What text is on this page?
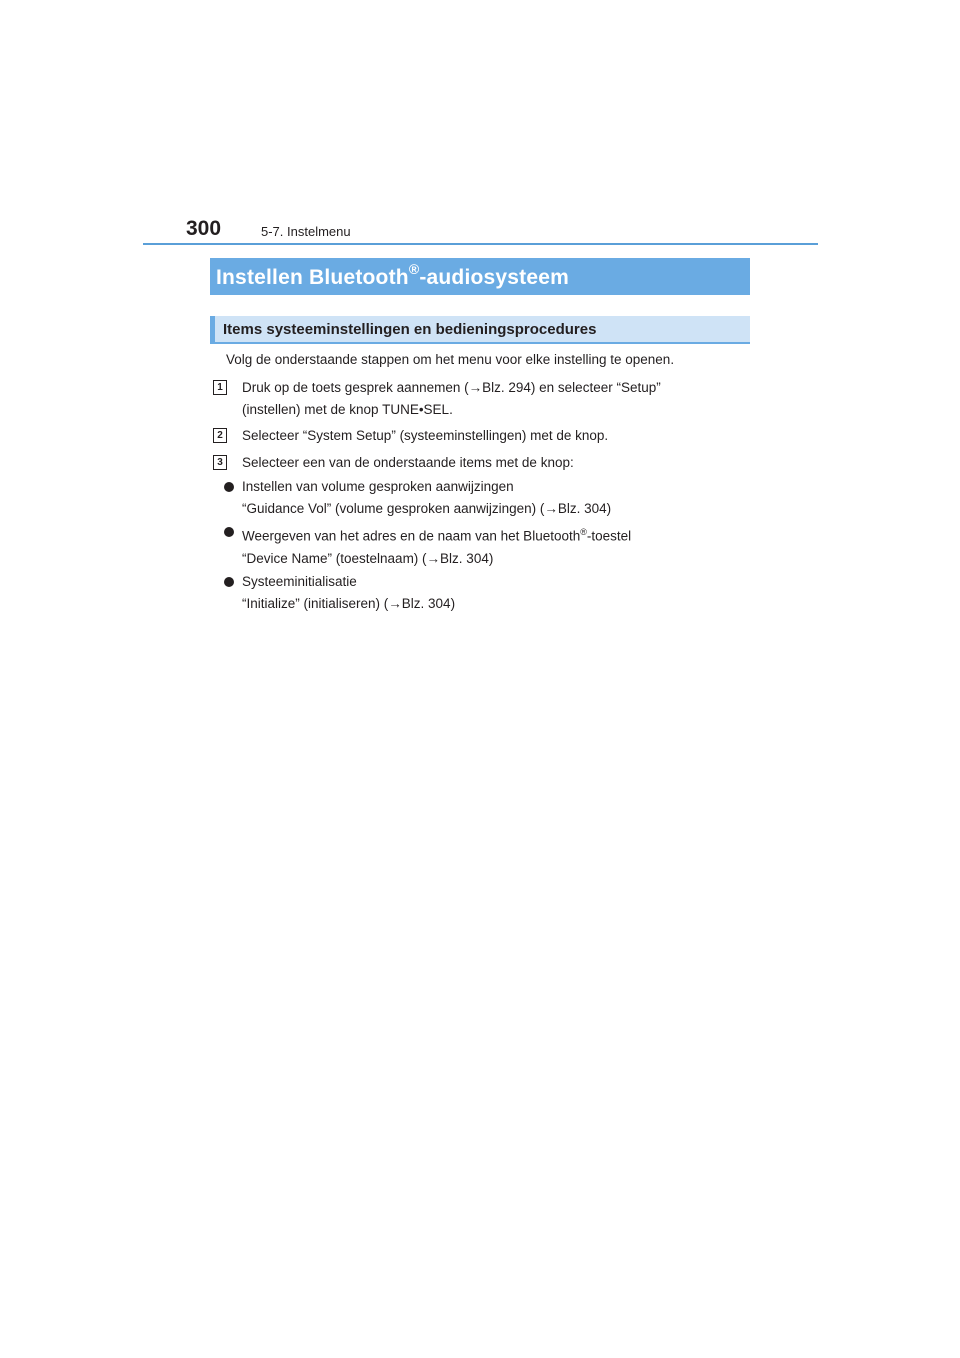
300	5-7. Instelmenu
Instellen Bluetooth®-audiosysteem
Items systeeminstellingen en bedieningsprocedures
Volg de onderstaande stappen om het menu voor elke instelling te openen.
1	Druk op de toets gesprek aannemen (→Blz. 294) en selecteer “Setup”
(instellen) met de knop TUNE•SEL.
2	Selecteer “System Setup” (systeeminstellingen) met de knop.
3	Selecteer een van de onderstaande items met de knop:
Instellen van volume gesproken aanwijzingen
“Guidance Vol” (volume gesproken aanwijzingen) (→Blz. 304)
Weergeven van het adres en de naam van het Bluetooth®-toestel
“Device Name” (toestelnaam) (→Blz. 304)
Systeeminitialisatie
“Initialize” (initialiseren) (→Blz. 304)
